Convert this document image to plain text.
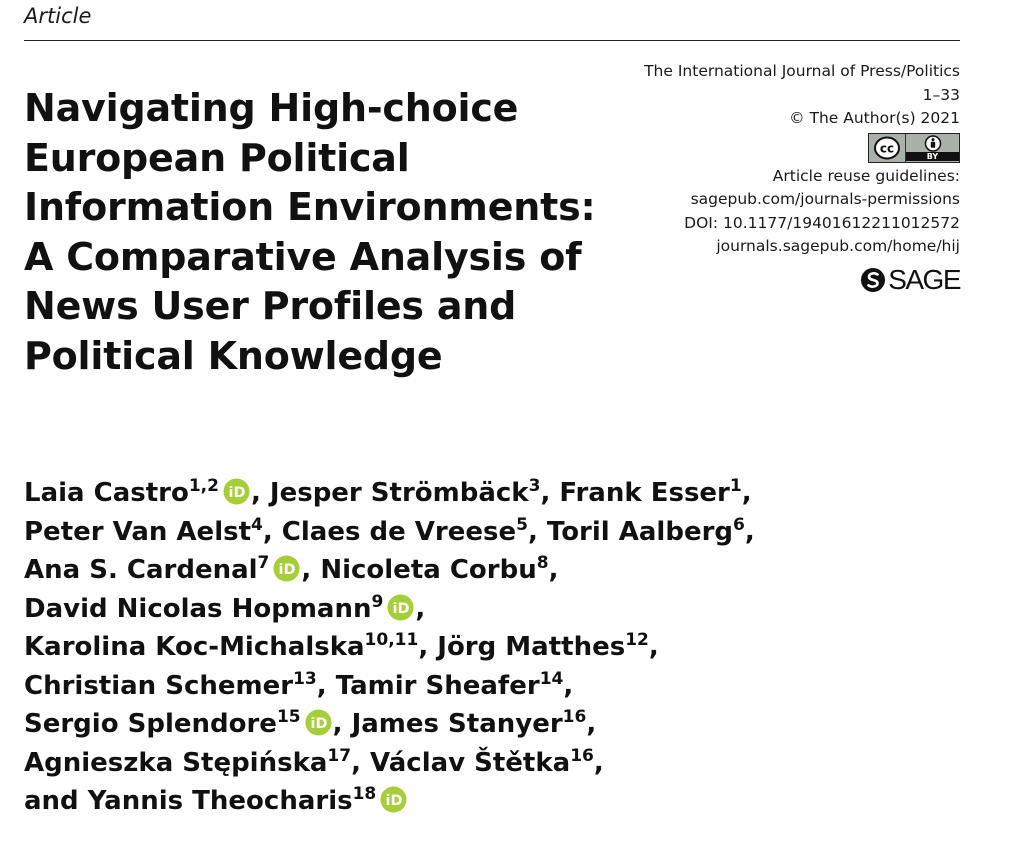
Article
Navigating High-choice
European Political
Information Environments:
A Comparative Analysis of
News User Profiles and
Political Knowledge
The International Journal of Press/Politics
1–33
© The Author(s) 2021
cc
BY
Article reuse guidelines:
sagepub.com/journals-permissions
DOI: 10.1177/19401612211012572
journals.sagepub.com/home/hij
SAGE
Laia Castro$^{1,2}$ iD , Jesper Strömbäck$^3$, Frank Esser$^1$,
Peter Van Aelst$^4$, Claes de Vreese$^5$, Toril Aalberg$^6$,
Ana S. Cardenal$^7$ iD , Nicoleta Corbu$^8$,
David Nicolas Hopmann$^9$ iD ,
Karolina Koc-Michalska$^{10,11}$, Jörg Matthes$^{12}$,
Christian Schemer$^{13}$, Tamir Sheafer$^{14}$,
Sergio Splendore$^{15}$ iD , James Stanyer$^{16}$,
Agnieszka Stępińska$^{17}$, Václav Štětka$^{16}$,
and Yannis Theocharis$^{18}$ iD
